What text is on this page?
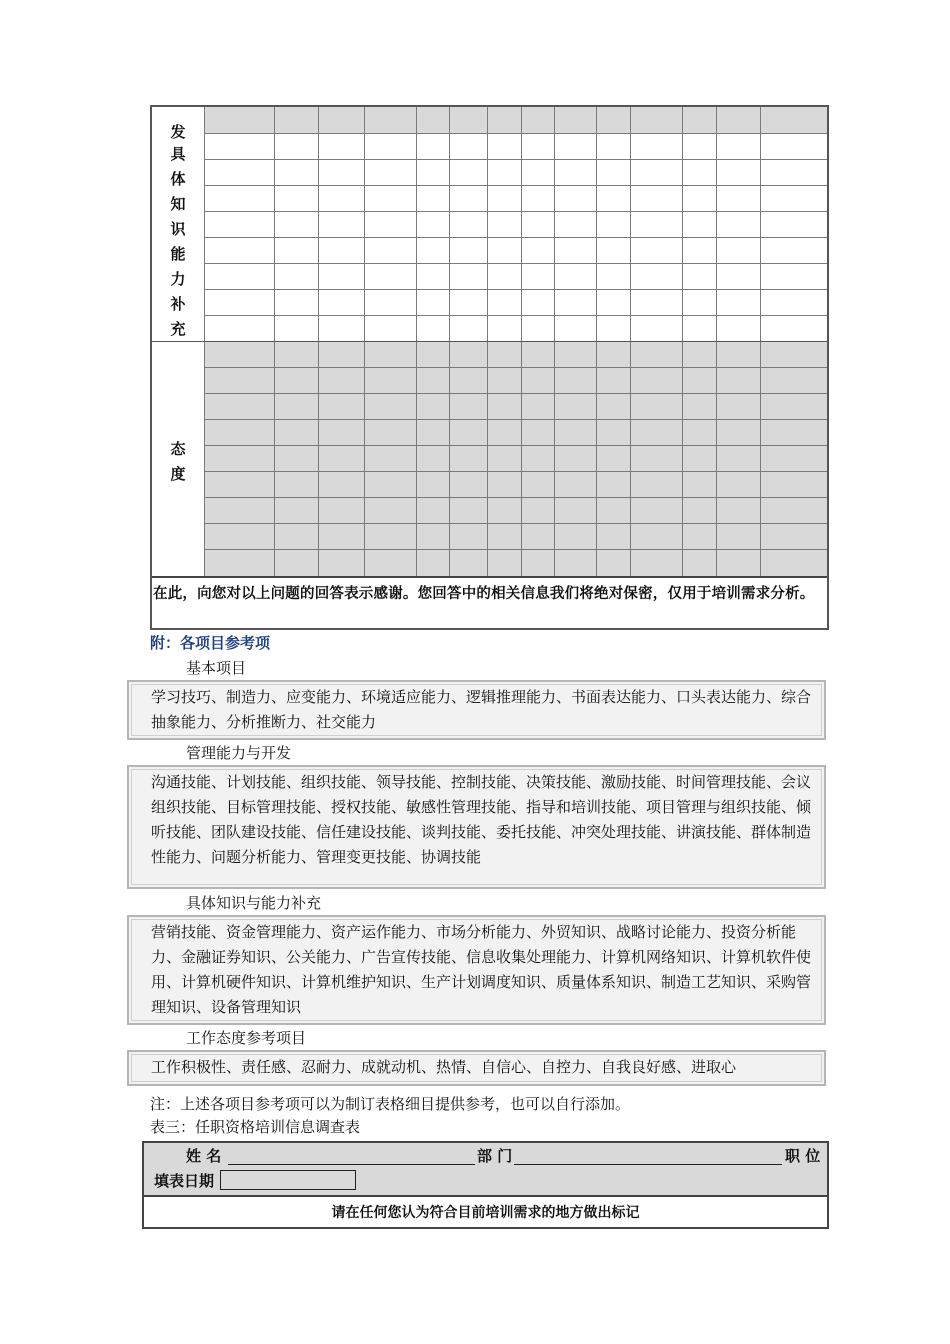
发
具
体
知
识
能
力
补
充
态
度
在此，向您对以上问题的回答表示感谢。您回答中的相关信息我们将绝对保密，仅用于培训需求分析。
附：各项目参考项
基本项目
学习技巧、制造力、应变能力、环境适应能力、逻辑推理能力、书面表达能力、口头表达能力、综合抽象能力、分析推断力、社交能力
管理能力与开发
沟通技能、计划技能、组织技能、领导技能、控制技能、决策技能、激励技能、时间管理技能、会议组织技能、目标管理技能、授权技能、敏感性管理技能、指导和培训技能、项目管理与组织技能、倾听技能、团队建设技能、信任建设技能、谈判技能、委托技能、冲突处理技能、讲演技能、群体制造性能力、问题分析能力、管理变更技能、协调技能
具体知识与能力补充
营销技能、资金管理能力、资产运作能力、市场分析能力、外贸知识、战略讨论能力、投资分析能力、金融证券知识、公关能力、广告宣传技能、信息收集处理能力、计算机网络知识、计算机软件使用、计算机硬件知识、计算机维护知识、生产计划调度知识、质量体系知识、制造工艺知识、采购管理知识、设备管理知识
工作态度参考项目
工作积极性、责任感、忍耐力、成就动机、热情、自信心、自控力、自我良好感、进取心
注：上述各项目参考项可以为制订表格细目提供参考，也可以自行添加。
表三：任职资格培训信息调查表
姓 名	部 门	职 位
填表日期
请在任何您认为符合目前培训需求的地方做出标记
